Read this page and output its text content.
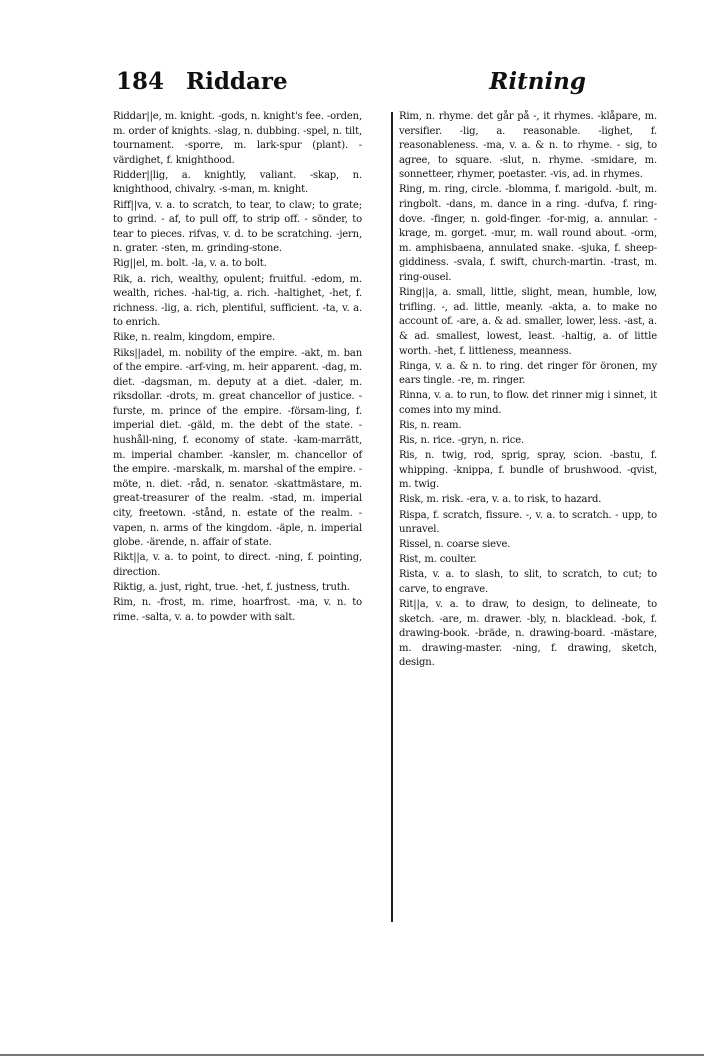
184 Riddare	Ritning

Riddar||e, m. knight. -gods, n. knight's fee. -orden, m. order of knights. -slag, n. dubbing. -spel, n. tilt, tournament. -sporre, m. lark-spur (plant). -värdighet, f. knighthood.

Ridder||lig, a. knightly, valiant. -skap, n. knighthood, chivalry. -s-man, m. knight.

Riff||va, v. a. to scratch, to tear, to claw; to grate; to grind. - af, to pull off, to strip off. - sönder, to tear to pieces. rifvas, v. d. to be scratching. -jern, n. grater. -sten, m. grinding-stone.

Rig||el, m. bolt. -la, v. a. to bolt.

Rik, a. rich, wealthy, opulent; fruitful. -edom, m. wealth, riches. -hal-tig, a. rich. -haltighet, -het, f. richness. -lig, a. rich, plentiful, sufficient. -ta, v. a. to enrich.

Rike, n. realm, kingdom, empire.

Riks||adel, m. nobility of the empire. -akt, m. ban of the empire. -arf-ving, m. heir apparent. -dag, m. diet. -dagsman, m. deputy at a diet. -daler, m. riksdollar. -drots, m. great chancellor of justice. -furste, m. prince of the empire. -försam-ling, f. imperial diet. -gäld, m. the debt of the state. -hushåll-ning, f. economy of state. -kam-marrätt, m. imperial chamber. -kansler, m. chancellor of the empire. -marskalk, m. marshal of the empire. -möte, n. diet. -råd, n. senator. -skattmästare, m. great-treasurer of the realm. -stad, m. imperial city, freetown. -stånd, n. estate of the realm. -vapen, n. arms of the kingdom. -äple, n. imperial globe. -ärende, n. affair of state.

Rikt||a, v. a. to point, to direct. -ning, f. pointing, direction.

Riktig, a. just, right, true. -het, f. justness, truth.

Rim, n. -frost, m. rime, hoarfrost. -ma, v. n. to rime. -salta, v. a. to powder with salt.

Rim, n. rhyme. det går på -, it rhymes. -klåpare, m. versifier. -lig, a. reasonable. -lighet, f. reasonableness. -ma, v. a. & n. to rhyme. - sig, to agree, to square. -slut, n. rhyme. -smidare, m. sonnetteer, rhymer, poetaster. -vis, ad. in rhymes.

Ring, m. ring, circle. -blomma, f. marigold. -bult, m. ringbolt. -dans, m. dance in a ring. -dufva, f. ring-dove. -finger, n. gold-finger. -for-mig, a. annular. -krage, m. gorget. -mur, m. wall round about. -orm, m. amphisbaena, annulated snake. -sjuka, f. sheep-giddiness. -svala, f. swift, church-martin. -trast, m. ring-ousel.

Ring||a, a. small, little, slight, mean, humble, low, trifling. -, ad. little, meanly. -akta, a. to make no account of. -are, a. & ad. smaller, lower, less. -ast, a. & ad. smallest, lowest, least. -haltig, a. of little worth. -het, f. littleness, meanness.

Ringa, v. a. & n. to ring. det ringer för öronen, my ears tingle. -re, m. ringer.

Rinna, v. a. to run, to flow. det rinner mig i sinnet, it comes into my mind.

Ris, n. ream.

Ris, n. rice. -gryn, n. rice.

Ris, n. twig, rod, sprig, spray, scion. -bastu, f. whipping. -knippa, f. bundle of brushwood. -qvist, m. twig.

Risk, m. risk. -era, v. a. to risk, to hazard.

Rispa, f. scratch, fissure. -, v. a. to scratch. - upp, to unravel.

Rissel, n. coarse sieve.

Rist, m. coulter.

Rista, v. a. to slash, to slit, to scratch, to cut; to carve, to engrave.

Rit||a, v. a. to draw, to design, to delineate, to sketch. -are, m. drawer. -bly, n. blacklead. -bok, f. drawing-book. -bräde, n. drawing-board. -mästare, m. drawing-master. -ning, f. drawing, sketch, design.
